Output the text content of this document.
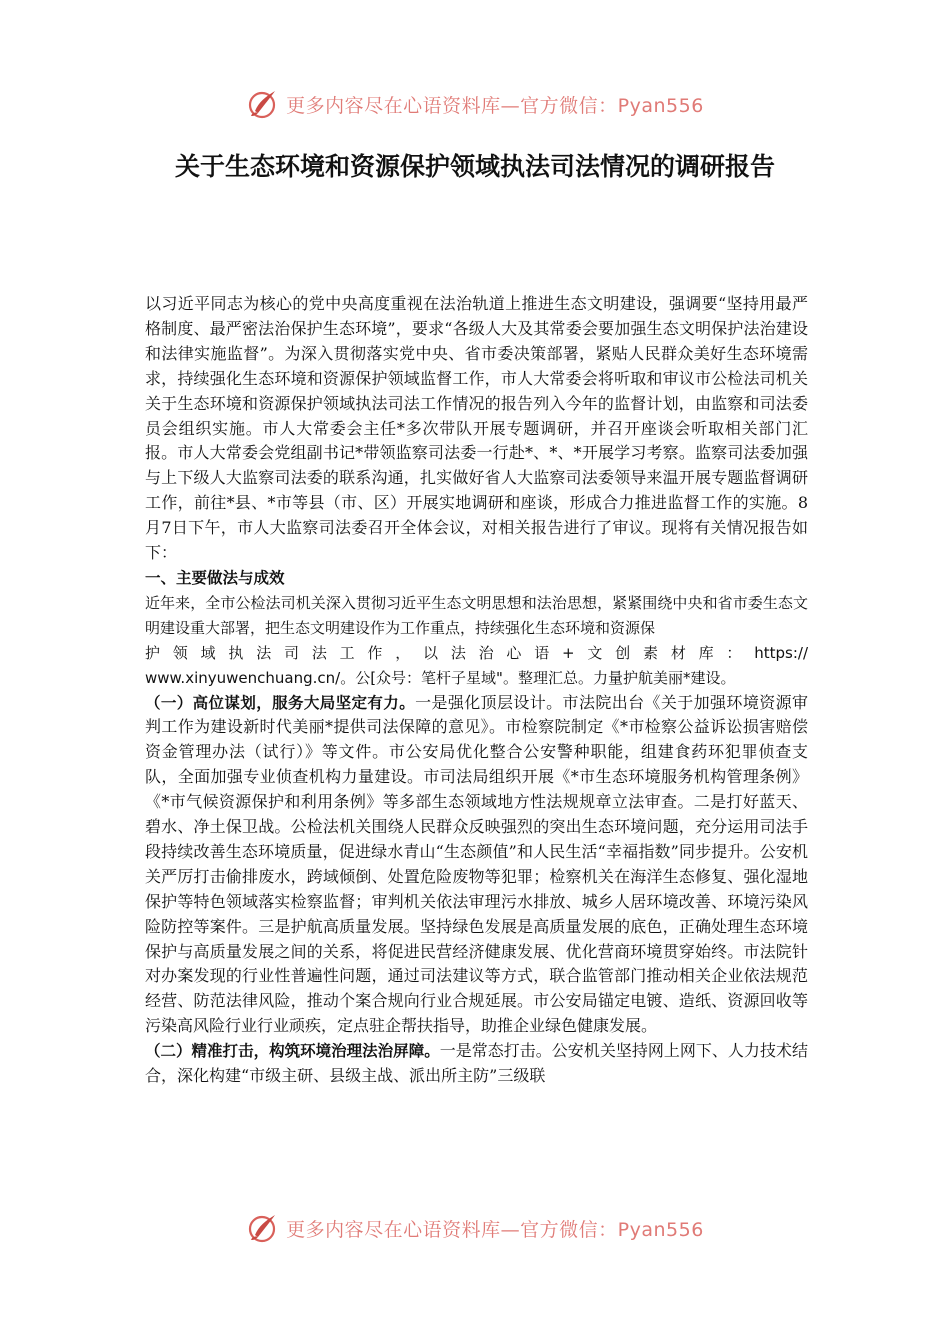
更多内容尽在心语资料库—官方微信：Pyan556
关于生态环境和资源保护领域执法司法情况的调研报告

以习近平同志为核心的党中央高度重视在法治轨道上推进生态文明建设，强调要“坚持用最严格制度、最严密法治保护生态环境”，要求“各级人大及其常委会要加强生态文明保护法治建设和法律实施监督”。为深入贯彻落实党中央、省市委决策部署，紧贴人民群众美好生态环境需求，持续强化生态环境和资源保护领域监督工作，市人大常委会将听取和审议市公检法司机关关于生态环境和资源保护领域执法司法工作情况的报告列入今年的监督计划，由监察和司法委员会组织实施。市人大常委会主任*多次带队开展专题调研，并召开座谈会听取相关部门汇报。市人大常委会党组副书记*带领监察司法委一行赴*、*、*开展学习考察。监察司法委加强与上下级人大监察司法委的联系沟通，扎实做好省人大监察司法委领导来温开展专题监督调研工作，前往*县、*市等县（市、区）开展实地调研和座谈，形成合力推进监督工作的实施。8月7日下午，市人大监察司法委召开全体会议，对相关报告进行了审议。现将有关情况报告如下：

一、主要做法与成效

近年来，全市公检法司机关深入贯彻习近平生态文明思想和法治思想，紧紧围绕中央和省市委生态文明建设重大部署，把生态文明建设作为工作重点，持续强化生态环境和资源保

护领域执法司法工作，以法治心语+文创素材库：https://

www.xinyuwenchuang.cn/。公[众号：笔杆子星域"。整理汇总。力量护航美丽*建设。

（一）高位谋划，服务大局坚定有力。一是强化顶层设计。市法院出台《关于加强环境资源审判工作为建设新时代美丽*提供司法保障的意见》。市检察院制定《*市检察公益诉讼损害赔偿资金管理办法（试行）》等文件。市公安局优化整合公安警种职能，组建食药环犯罪侦查支队，全面加强专业侦查机构力量建设。市司法局组织开展《*市生态环境服务机构管理条例》《*市气候资源保护和利用条例》等多部生态领域地方性法规规章立法审查。二是打好蓝天、碧水、净土保卫战。公检法机关围绕人民群众反映强烈的突出生态环境问题，充分运用司法手段持续改善生态环境质量，促进绿水青山“生态颜值”和人民生活“幸福指数”同步提升。公安机关严厉打击偷排废水，跨域倾倒、处置危险废物等犯罪；检察机关在海洋生态修复、强化湿地保护等特色领域落实检察监督；审判机关依法审理污水排放、城乡人居环境改善、环境污染风险防控等案件。三是护航高质量发展。坚持绿色发展是高质量发展的底色，正确处理生态环境保护与高质量发展之间的关系，将促进民营经济健康发展、优化营商环境贯穿始终。市法院针对办案发现的行业性普遍性问题，通过司法建议等方式，联合监管部门推动相关企业依法规范经营、防范法律风险，推动个案合规向行业合规延展。市公安局锚定电镀、造纸、资源回收等污染高风险行业行业顽疾，定点驻企帮扶指导，助推企业绿色健康发展。

（二）精准打击，构筑环境治理法治屏障。一是常态打击。公安机关坚持网上网下、人力技术结合，深化构建“市级主研、县级主战、派出所主防”三级联

更多内容尽在心语资料库—官方微信：Pyan556
